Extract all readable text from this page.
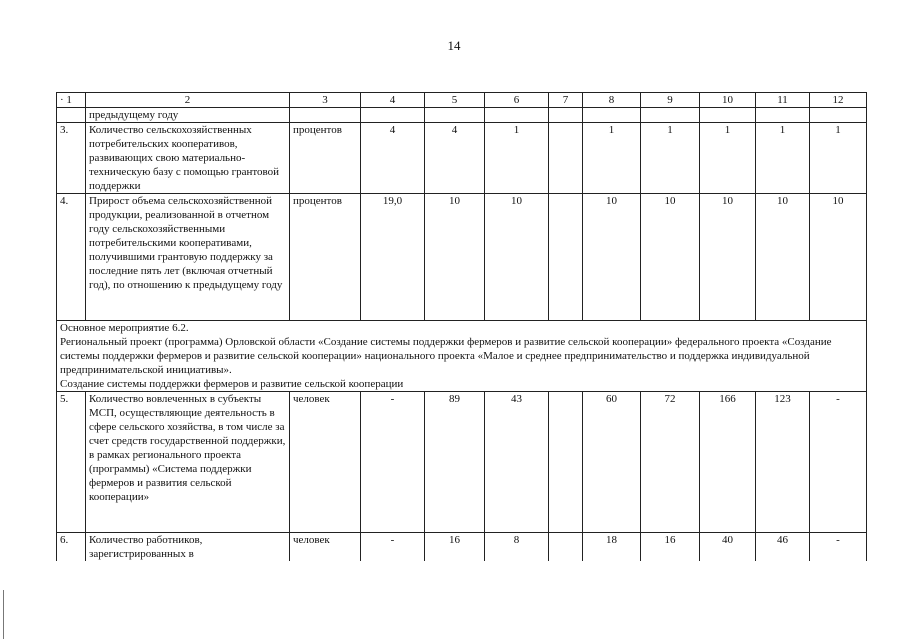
14
· 1	2	3	4	5	6	7	8	9	10	11	12
	предыдущему году										
3.	Количество сельскохозяйственных потребительских кооперативов, развивающих свою материально-техническую базу с помощью грантовой поддержки	процентов	4	4	1		1	1	1	1	1
4.	Прирост объема сельскохозяйственной продукции, реализованной в отчетном году сельскохозяйственными потребительскими кооперативами, получившими грантовую поддержку за последние пять лет (включая отчетный год), по отношению к предыдущему году	процентов	19,0	10	10		10	10	10	10	10

Основное мероприятие 6.2.
Региональный проект (программа) Орловской области «Создание системы поддержки фермеров и развитие сельской кооперации» федерального проекта «Создание системы поддержки фермеров и развитие сельской кооперации» национального проекта «Малое и среднее предпринимательство и поддержка индивидуальной предпринимательской инициативы».
Создание системы поддержки фермеров и развитие сельской кооперации											

5.	Количество вовлеченных в субъекты МСП, осуществляющие деятельность в сфере сельского хозяйства, в том числе за счет средств государственной поддержки, в рамках регионального проекта (программы) «Система поддержки фермеров и развития сельской кооперации»	человек	-	89	43		60	72	166	123	-
6.	Количество работников, зарегистрированных в	человек	-	16	8		18	16	40	46	-
